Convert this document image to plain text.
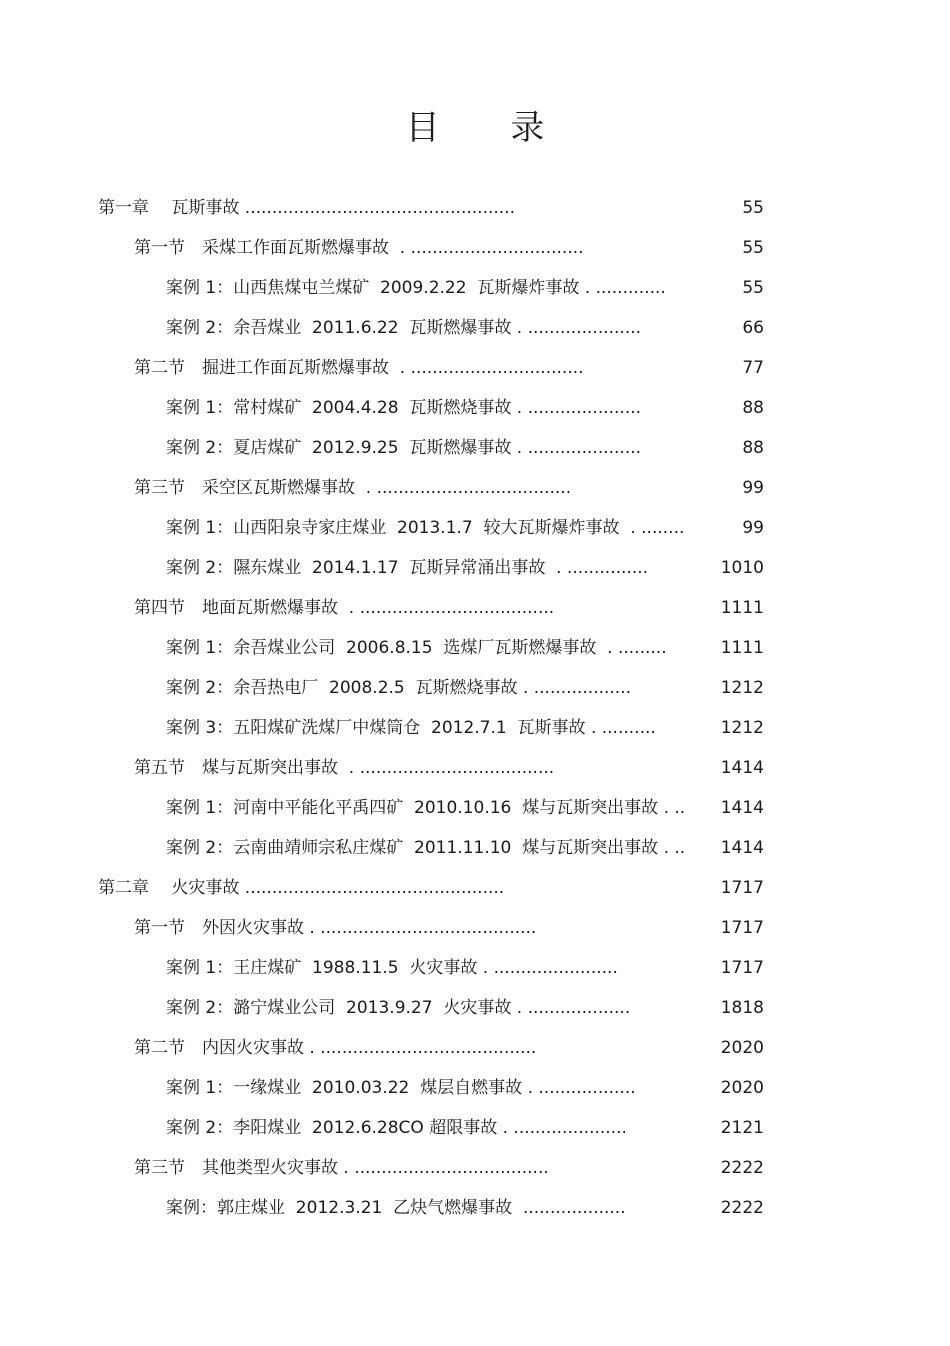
目 录
第一章　 瓦斯事故 ..................................................	55
第一节　采煤工作面瓦斯燃爆事故  . ................................	55
案例 1：山西焦煤屯兰煤矿  2009.2.22  瓦斯爆炸事故 . .............	55
案例 2：余吾煤业  2011.6.22  瓦斯燃爆事故 . .....................	66
第二节　掘进工作面瓦斯燃爆事故  . ................................	77
案例 1：常村煤矿  2004.4.28  瓦斯燃烧事故 . .....................	88
案例 2：夏店煤矿  2012.9.25  瓦斯燃爆事故 . .....................	88
第三节　采空区瓦斯燃爆事故  . ....................................	99
案例 1：山西阳泉寺家庄煤业  2013.1.7  较大瓦斯爆炸事故  . ........	99
案例 2：隰东煤业  2014.1.17  瓦斯异常涌出事故  . ...............	1010
第四节　地面瓦斯燃爆事故  . ....................................	1111
案例 1：余吾煤业公司  2006.8.15  选煤厂瓦斯燃爆事故  . .........	1111
案例 2：余吾热电厂  2008.2.5  瓦斯燃烧事故 . ..................	1212
案例 3：五阳煤矿洗煤厂中煤筒仓  2012.7.1  瓦斯事故 . ..........	1212
第五节　煤与瓦斯突出事故  . ....................................	1414
案例 1：河南中平能化平禹四矿  2010.10.16  煤与瓦斯突出事故 . .. 1414
案例 2：云南曲靖师宗私庄煤矿  2011.11.10  煤与瓦斯突出事故 . .. 1414
第二章　 火灾事故 ................................................	1717
第一节　外因火灾事故 . ........................................	1717
案例 1：王庄煤矿  1988.11.5  火灾事故 . .......................	1717
案例 2：潞宁煤业公司  2013.9.27  火灾事故 . ...................	1818
第二节　内因火灾事故 . ........................................	2020
案例 1：一缘煤业  2010.03.22  煤层自燃事故 . ..................	2020
案例 2：李阳煤业  2012.6.28CO 超限事故 . .....................	2121
第三节　其他类型火灾事故 . ....................................	2222
案例：郭庄煤业  2012.3.21  乙炔气燃爆事故  ...................	2222
